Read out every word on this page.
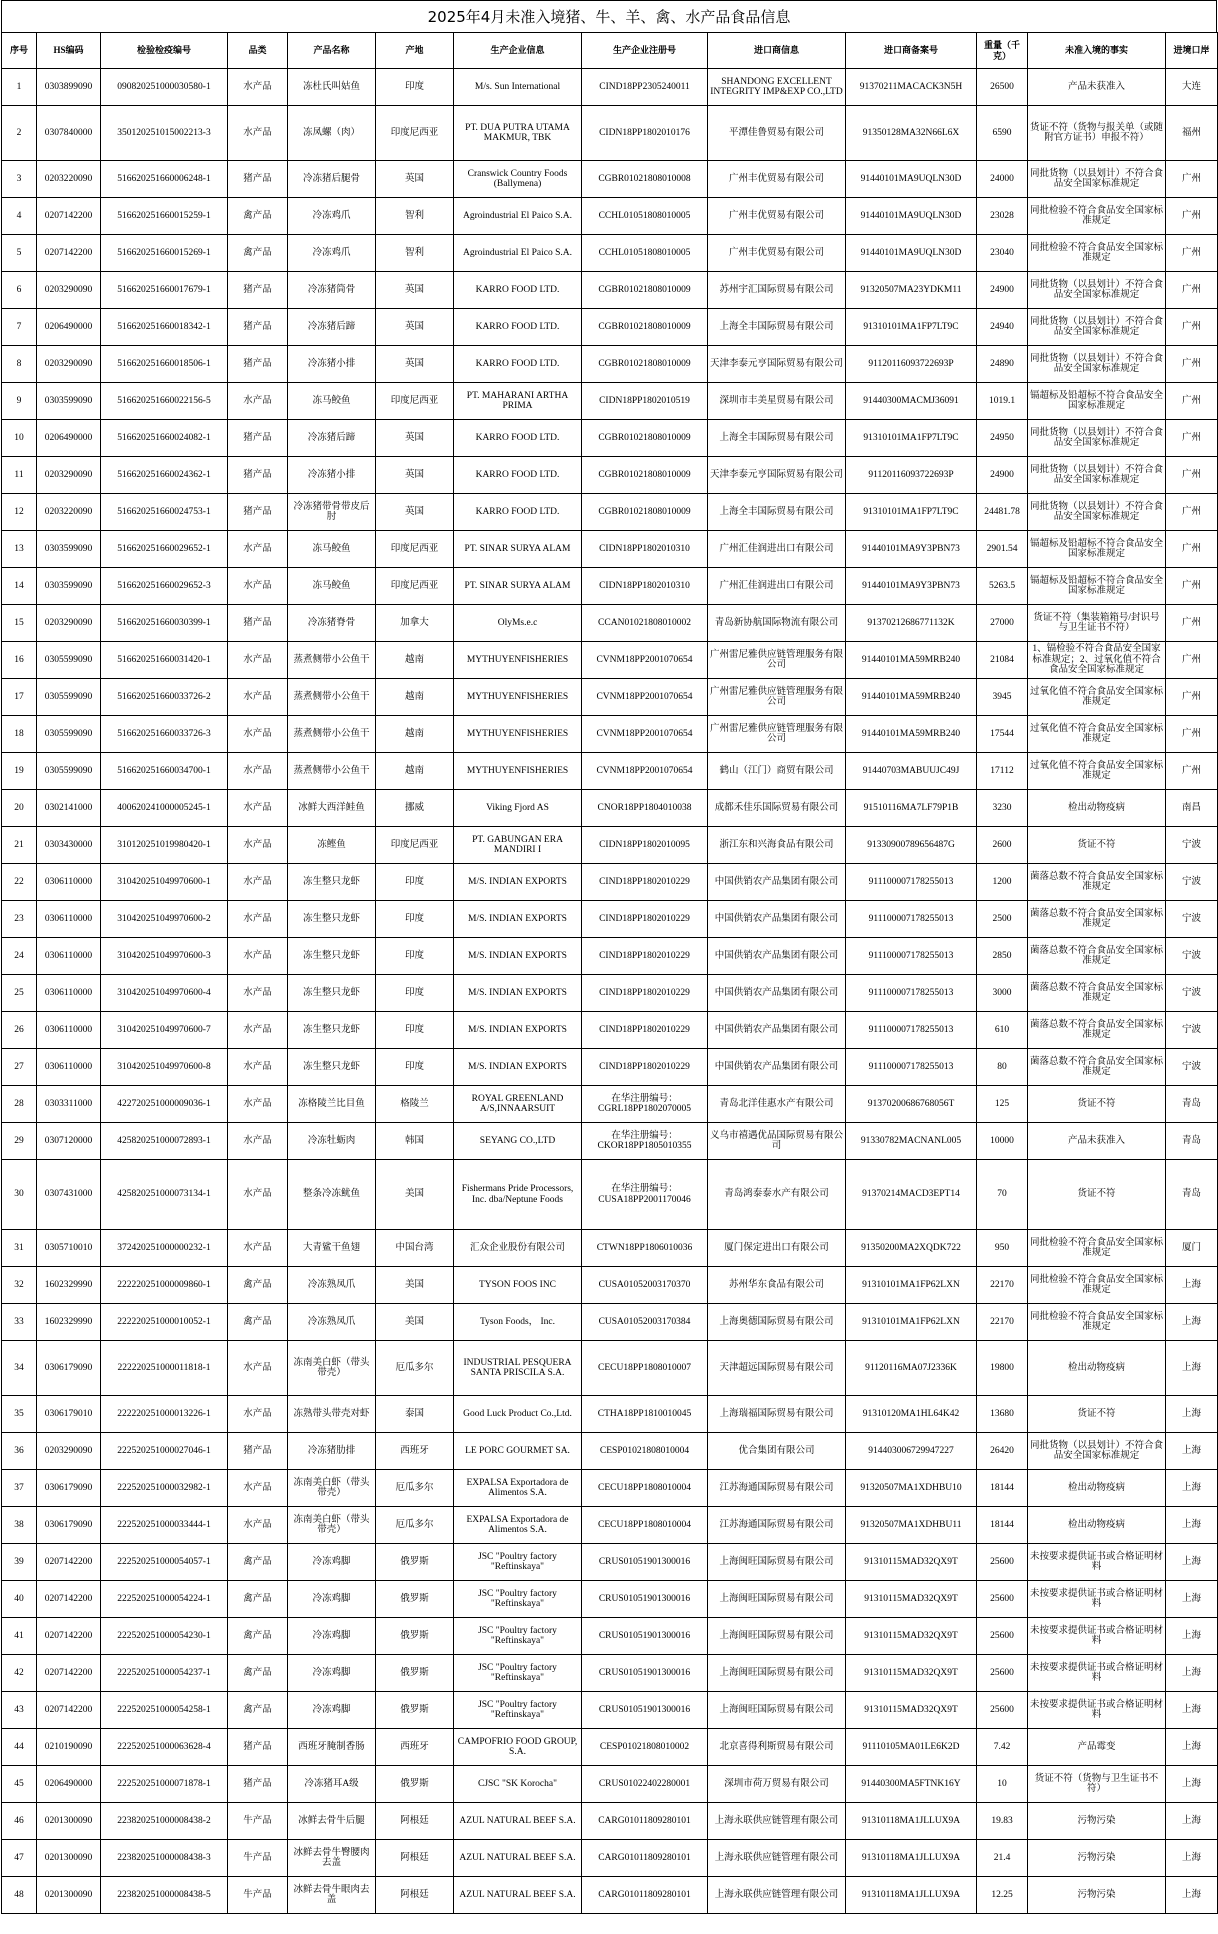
2025年4月未准入境猪、牛、羊、禽、水产品食品信息
序号	HS编码	检验检疫编号	品类	产品名称	产地	生产企业信息	生产企业注册号	进口商信息	进口商备案号	重量（千克）	未准入境的事实	进境口岸
1	0303899090	090820251000030580-1	水产品	冻杜氏叫姑鱼	印度	M/s. Sun International	CIND18PP2305240011	SHANDONG EXCELLENT INTEGRITY IMP&EXP CO.,LTD	91370211MACACK3N5H	26500	产品未获准入	大连
2	0307840000	350120251015002213-3	水产品	冻凤螺（肉）	印度尼西亚	PT. DUA PUTRA UTAMA MAKMUR, TBK	CIDN18PP1802010176	平潭佳鲁贸易有限公司	91350128MA32N66L6X	6590	货证不符（货物与报关单（或随附官方证书）申报不符）	福州
3	0203220090	516620251660006248-1	猪产品	冷冻猪后腿骨	英国	Cranswick Country Foods (Ballymena)	CGBR01021808010008	广州丰优贸易有限公司	91440101MA9UQLN30D	24000	同批货物（以县划计）不符合食品安全国家标准规定	广州
4	0207142200	516620251660015259-1	禽产品	冷冻鸡爪	智利	Agroindustrial El Paico S.A.	CCHL01051808010005	广州丰优贸易有限公司	91440101MA9UQLN30D	23028	同批检验不符合食品安全国家标准规定	广州
5	0207142200	516620251660015269-1	禽产品	冷冻鸡爪	智利	Agroindustrial El Paico S.A.	CCHL01051808010005	广州丰优贸易有限公司	91440101MA9UQLN30D	23040	同批检验不符合食品安全国家标准规定	广州
6	0203290090	516620251660017679-1	猪产品	冷冻猪筒骨	英国	KARRO FOOD LTD.	CGBR01021808010009	苏州宇汇国际贸易有限公司	91320507MA23YDKM11	24900	同批货物（以县划计）不符合食品安全国家标准规定	广州
7	0206490000	516620251660018342-1	猪产品	冷冻猪后蹄	英国	KARRO FOOD LTD.	CGBR01021808010009	上海全丰国际贸易有限公司	91310101MA1FP7LT9C	24940	同批货物（以县划计）不符合食品安全国家标准规定	广州
8	0203290090	516620251660018506-1	猪产品	冷冻猪小排	英国	KARRO FOOD LTD.	CGBR01021808010009	天津李泰元亨国际贸易有限公司	91120116093722693P	24890	同批货物（以县划计）不符合食品安全国家标准规定	广州
9	0303599090	516620251660022156-5	水产品	冻马鲛鱼	印度尼西亚	PT. MAHARANI ARTHA PRIMA	CIDN18PP1802010519	深圳市丰美星贸易有限公司	91440300MACMJ36091	1019.1	镉超标及铅超标不符合食品安全国家标准规定	广州
10	0206490000	516620251660024082-1	猪产品	冷冻猪后蹄	英国	KARRO FOOD LTD.	CGBR01021808010009	上海全丰国际贸易有限公司	91310101MA1FP7LT9C	24950	同批货物（以县划计）不符合食品安全国家标准规定	广州
11	0203290090	516620251660024362-1	猪产品	冷冻猪小排	英国	KARRO FOOD LTD.	CGBR01021808010009	天津李泰元亨国际贸易有限公司	91120116093722693P	24900	同批货物（以县划计）不符合食品安全国家标准规定	广州
12	0203220090	516620251660024753-1	猪产品	冷冻猪带骨带皮后肘	英国	KARRO FOOD LTD.	CGBR01021808010009	上海全丰国际贸易有限公司	91310101MA1FP7LT9C	24481.78	同批货物（以县划计）不符合食品安全国家标准规定	广州
13	0303599090	516620251660029652-1	水产品	冻马鲛鱼	印度尼西亚	PT. SINAR SURYA ALAM	CIDN18PP1802010310	广州汇佳润进出口有限公司	91440101MA9Y3PBN73	2901.54	镉超标及铅超标不符合食品安全国家标准规定	广州
14	0303599090	516620251660029652-3	水产品	冻马鲛鱼	印度尼西亚	PT. SINAR SURYA ALAM	CIDN18PP1802010310	广州汇佳润进出口有限公司	91440101MA9Y3PBN73	5263.5	镉超标及铅超标不符合食品安全国家标准规定	广州
15	0203290090	516620251660030399-1	猪产品	冷冻猪脊骨	加拿大	OlyMs.e.c	CCAN01021808010002	青岛新协航国际物流有限公司	91370212686771132K	27000	货证不符（集装箱箱号/封识号与卫生证书不符）	广州
16	0305599090	516620251660031420-1	水产品	蒸煮侧带小公鱼干	越南	MYTHUYENFISHERIES	CVNM18PP2001070654	广州雷尼雅供应链管理服务有限公司	91440101MA59MRB240	21084	1、镉检验不符合食品安全国家标准规定；2、过氧化值不符合食品安全国家标准规定	广州
17	0305599090	516620251660033726-2	水产品	蒸煮侧带小公鱼干	越南	MYTHUYENFISHERIES	CVNM18PP2001070654	广州雷尼雅供应链管理服务有限公司	91440101MA59MRB240	3945	过氧化值不符合食品安全国家标准规定	广州
18	0305599090	516620251660033726-3	水产品	蒸煮侧带小公鱼干	越南	MYTHUYENFISHERIES	CVNM18PP2001070654	广州雷尼雅供应链管理服务有限公司	91440101MA59MRB240	17544	过氧化值不符合食品安全国家标准规定	广州
19	0305599090	516620251660034700-1	水产品	蒸煮侧带小公鱼干	越南	MYTHUYENFISHERIES	CVNM18PP2001070654	鹤山（江门）商贸有限公司	91440703MABUUJC49J	17112	过氧化值不符合食品安全国家标准规定	广州
20	0302141000	400620241000005245-1	水产品	冰鲜大西洋鲑鱼	挪威	Viking Fjord AS	CNOR18PP1804010038	成都禾佳乐国际贸易有限公司	91510116MA7LF79P1B	3230	检出动物疫病	南昌
21	0303430000	310120251019980420-1	水产品	冻鲣鱼	印度尼西亚	PT. GABUNGAN ERA MANDIRI I	CIDN18PP1802010095	浙江东和兴海食品有限公司	91330900789656487G	2600	货证不符	宁波
22	0306110000	310420251049970600-1	水产品	冻生整只龙虾	印度	M/S. INDIAN EXPORTS	CIND18PP1802010229	中国供销农产品集团有限公司	911100007178255013	1200	菌落总数不符合食品安全国家标准规定	宁波
23	0306110000	310420251049970600-2	水产品	冻生整只龙虾	印度	M/S. INDIAN EXPORTS	CIND18PP1802010229	中国供销农产品集团有限公司	911100007178255013	2500	菌落总数不符合食品安全国家标准规定	宁波
24	0306110000	310420251049970600-3	水产品	冻生整只龙虾	印度	M/S. INDIAN EXPORTS	CIND18PP1802010229	中国供销农产品集团有限公司	911100007178255013	2850	菌落总数不符合食品安全国家标准规定	宁波
25	0306110000	310420251049970600-4	水产品	冻生整只龙虾	印度	M/S. INDIAN EXPORTS	CIND18PP1802010229	中国供销农产品集团有限公司	911100007178255013	3000	菌落总数不符合食品安全国家标准规定	宁波
26	0306110000	310420251049970600-7	水产品	冻生整只龙虾	印度	M/S. INDIAN EXPORTS	CIND18PP1802010229	中国供销农产品集团有限公司	911100007178255013	610	菌落总数不符合食品安全国家标准规定	宁波
27	0306110000	310420251049970600-8	水产品	冻生整只龙虾	印度	M/S. INDIAN EXPORTS	CIND18PP1802010229	中国供销农产品集团有限公司	911100007178255013	80	菌落总数不符合食品安全国家标准规定	宁波
28	0303311000	422720251000009036-1	水产品	冻格陵兰比目鱼	格陵兰	ROYAL GREENLAND A/S,INNAARSUIT	在华注册编号：CGRL18PP1802070005	青岛北洋佳惠水产有限公司	91370200686768056T	125	货证不符	青岛
29	0307120000	425820251000072893-1	水产品	冷冻牡蛎肉	韩国	SEYANG CO.,LTD	在华注册编号：CKOR18PP1805010355	义乌市禧遇优品国际贸易有限公司	91330782MACNANL005	10000	产品未获准入	青岛
30	0307431000	425820251000073134-1	水产品	整条冷冻鱿鱼	美国	Fishermans Pride Processors, Inc. dba/Neptune Foods	在华注册编号：CUSA18PP2001170046	青岛鸿泰泰水产有限公司	91370214MACD3EPT14	70	货证不符	青岛
31	0305710010	372420251000000232-1	水产品	大青鲨干鱼翅	中国台湾	汇众企业股份有限公司	CTWN18PP1806010036	厦门保定进出口有限公司	91350200MA2XQDK722	950	同批检验不符合食品安全国家标准规定	厦门
32	1602329990	222220251000009860-1	禽产品	冷冻熟凤爪	美国	TYSON FOOS INC	CUSA01052003170370	苏州华东食品有限公司	91310101MA1FP62LXN	22170	同批检验不符合食品安全国家标准规定	上海
33	1602329990	222220251000010052-1	禽产品	冷冻熟凤爪	美国	Tyson Foods， Inc.	CUSA01052003170384	上海奥德国际贸易有限公司	91310101MA1FP62LXN	22170	同批检验不符合食品安全国家标准规定	上海
34	0306179090	222220251000011818-1	水产品	冻南美白虾（带头带壳）	厄瓜多尔	INDUSTRIAL PESQUERA SANTA PRISCILA S.A.	CECU18PP1808010007	天津超远国际贸易有限公司	91120116MA07J2336K	19800	检出动物疫病	上海
35	0306179010	222220251000013226-1	水产品	冻熟带头带壳对虾	泰国	Good Luck Product Co.,Ltd.	CTHA18PP1810010045	上海瑞福国际贸易有限公司	91310120MA1HL64K42	13680	货证不符	上海
36	0203290090	222520251000027046-1	猪产品	冷冻猪肋排	西班牙	LE PORC GOURMET SA.	CESP01021808010004	优合集团有限公司	914403006729947227	26420	同批货物（以县划计）不符合食品安全国家标准规定	上海
37	0306179090	222520251000032982-1	水产品	冻南美白虾（带头带壳）	厄瓜多尔	EXPALSA Exportadora de Alimentos S.A.	CECU18PP1808010004	江苏海通国际贸易有限公司	91320507MA1XDHBU10	18144	检出动物疫病	上海
38	0306179090	222520251000033444-1	水产品	冻南美白虾（带头带壳）	厄瓜多尔	EXPALSA Exportadora de Alimentos S.A.	CECU18PP1808010004	江苏海通国际贸易有限公司	91320507MA1XDHBU11	18144	检出动物疫病	上海
39	0207142200	222520251000054057-1	禽产品	冷冻鸡脚	俄罗斯	JSC "Poultry factory "Reftinskaya"	CRUS01051901300016	上海闽旺国际贸易有限公司	91310115MAD32QX9T	25600	未按要求提供证书或合格证明材料	上海
40	0207142200	222520251000054224-1	禽产品	冷冻鸡脚	俄罗斯	JSC "Poultry factory "Reftinskaya"	CRUS01051901300016	上海闽旺国际贸易有限公司	91310115MAD32QX9T	25600	未按要求提供证书或合格证明材料	上海
41	0207142200	222520251000054230-1	禽产品	冷冻鸡脚	俄罗斯	JSC "Poultry factory "Reftinskaya"	CRUS01051901300016	上海闽旺国际贸易有限公司	91310115MAD32QX9T	25600	未按要求提供证书或合格证明材料	上海
42	0207142200	222520251000054237-1	禽产品	冷冻鸡脚	俄罗斯	JSC "Poultry factory "Reftinskaya"	CRUS01051901300016	上海闽旺国际贸易有限公司	91310115MAD32QX9T	25600	未按要求提供证书或合格证明材料	上海
43	0207142200	222520251000054258-1	禽产品	冷冻鸡脚	俄罗斯	JSC "Poultry factory "Reftinskaya"	CRUS01051901300016	上海闽旺国际贸易有限公司	91310115MAD32QX9T	25600	未按要求提供证书或合格证明材料	上海
44	0210190090	222520251000063628-4	猪产品	西班牙腌制香肠	西班牙	CAMPOFRIO FOOD GROUP, S.A.	CESP01021808010002	北京喜得利斯贸易有限公司	91110105MA01LE6K2D	7.42	产品霉变	上海
45	0206490000	222520251000071878-1	猪产品	冷冻猪耳A级	俄罗斯	CJSC "SK Korocha"	CRUS01022402280001	深圳市荷万贸易有限公司	91440300MA5FTNK16Y	10	货证不符（货物与卫生证书不符）	上海
46	0201300090	223820251000008438-2	牛产品	冰鲜去骨牛后腿	阿根廷	AZUL NATURAL BEEF S.A.	CARG01011809280101	上海永联供应链管理有限公司	91310118MA1JLLUX9A	19.83	污物污染	上海
47	0201300090	223820251000008438-3	牛产品	冰鲜去骨牛臀腰肉去盖	阿根廷	AZUL NATURAL BEEF S.A.	CARG01011809280101	上海永联供应链管理有限公司	91310118MA1JLLUX9A	21.4	污物污染	上海
48	0201300090	223820251000008438-5	牛产品	冰鲜去骨牛眼肉去盖	阿根廷	AZUL NATURAL BEEF S.A.	CARG01011809280101	上海永联供应链管理有限公司	91310118MA1JLLUX9A	12.25	污物污染	上海
